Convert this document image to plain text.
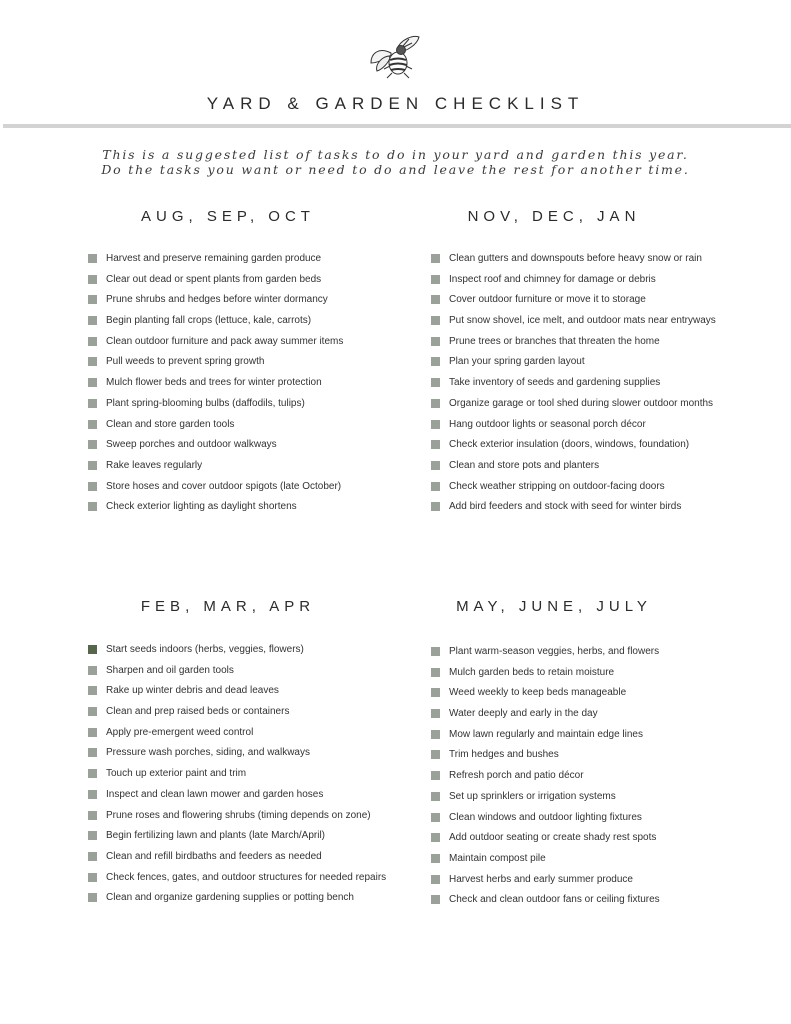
YARD & GARDEN CHECKLIST
This is a suggested list of tasks to do in your yard and garden this year.
Do the tasks you want or need to do and leave the rest for another time.
AUG, SEP, OCT	NOV, DEC, JAN
FEB, MAR, APR	MAY, JUNE, JULY
Harvest and preserve remaining garden produce
Clear out dead or spent plants from garden beds
Prune shrubs and hedges before winter dormancy
Begin planting fall crops (lettuce, kale, carrots)
Clean outdoor furniture and pack away summer items
Pull weeds to prevent spring growth
Mulch flower beds and trees for winter protection
Plant spring-blooming bulbs (daffodils, tulips)
Clean and store garden tools
Sweep porches and outdoor walkways
Rake leaves regularly
Store hoses and cover outdoor spigots (late October)
Check exterior lighting as daylight shortens
Clean gutters and downspouts before heavy snow or rain
Inspect roof and chimney for damage or debris
Cover outdoor furniture or move it to storage
Put snow shovel, ice melt, and outdoor mats near entryways
Prune trees or branches that threaten the home
Plan your spring garden layout
Take inventory of seeds and gardening supplies
Organize garage or tool shed during slower outdoor months
Hang outdoor lights or seasonal porch décor
Check exterior insulation (doors, windows, foundation)
Clean and store pots and planters
Check weather stripping on outdoor-facing doors
Add bird feeders and stock with seed for winter birds
Start seeds indoors (herbs, veggies, flowers)
Sharpen and oil garden tools
Rake up winter debris and dead leaves
Clean and prep raised beds or containers
Apply pre-emergent weed control
Pressure wash porches, siding, and walkways
Touch up exterior paint and trim
Inspect and clean lawn mower and garden hoses
Prune roses and flowering shrubs (timing depends on zone)
Begin fertilizing lawn and plants (late March/April)
Clean and refill birdbaths and feeders as needed
Check fences, gates, and outdoor structures for needed repairs
Clean and organize gardening supplies or potting bench
Plant warm-season veggies, herbs, and flowers
Mulch garden beds to retain moisture
Weed weekly to keep beds manageable
Water deeply and early in the day
Mow lawn regularly and maintain edge lines
Trim hedges and bushes
Refresh porch and patio décor
Set up sprinklers or irrigation systems
Clean windows and outdoor lighting fixtures
Add outdoor seating or create shady rest spots
Maintain compost pile
Harvest herbs and early summer produce
Check and clean outdoor fans or ceiling fixtures
